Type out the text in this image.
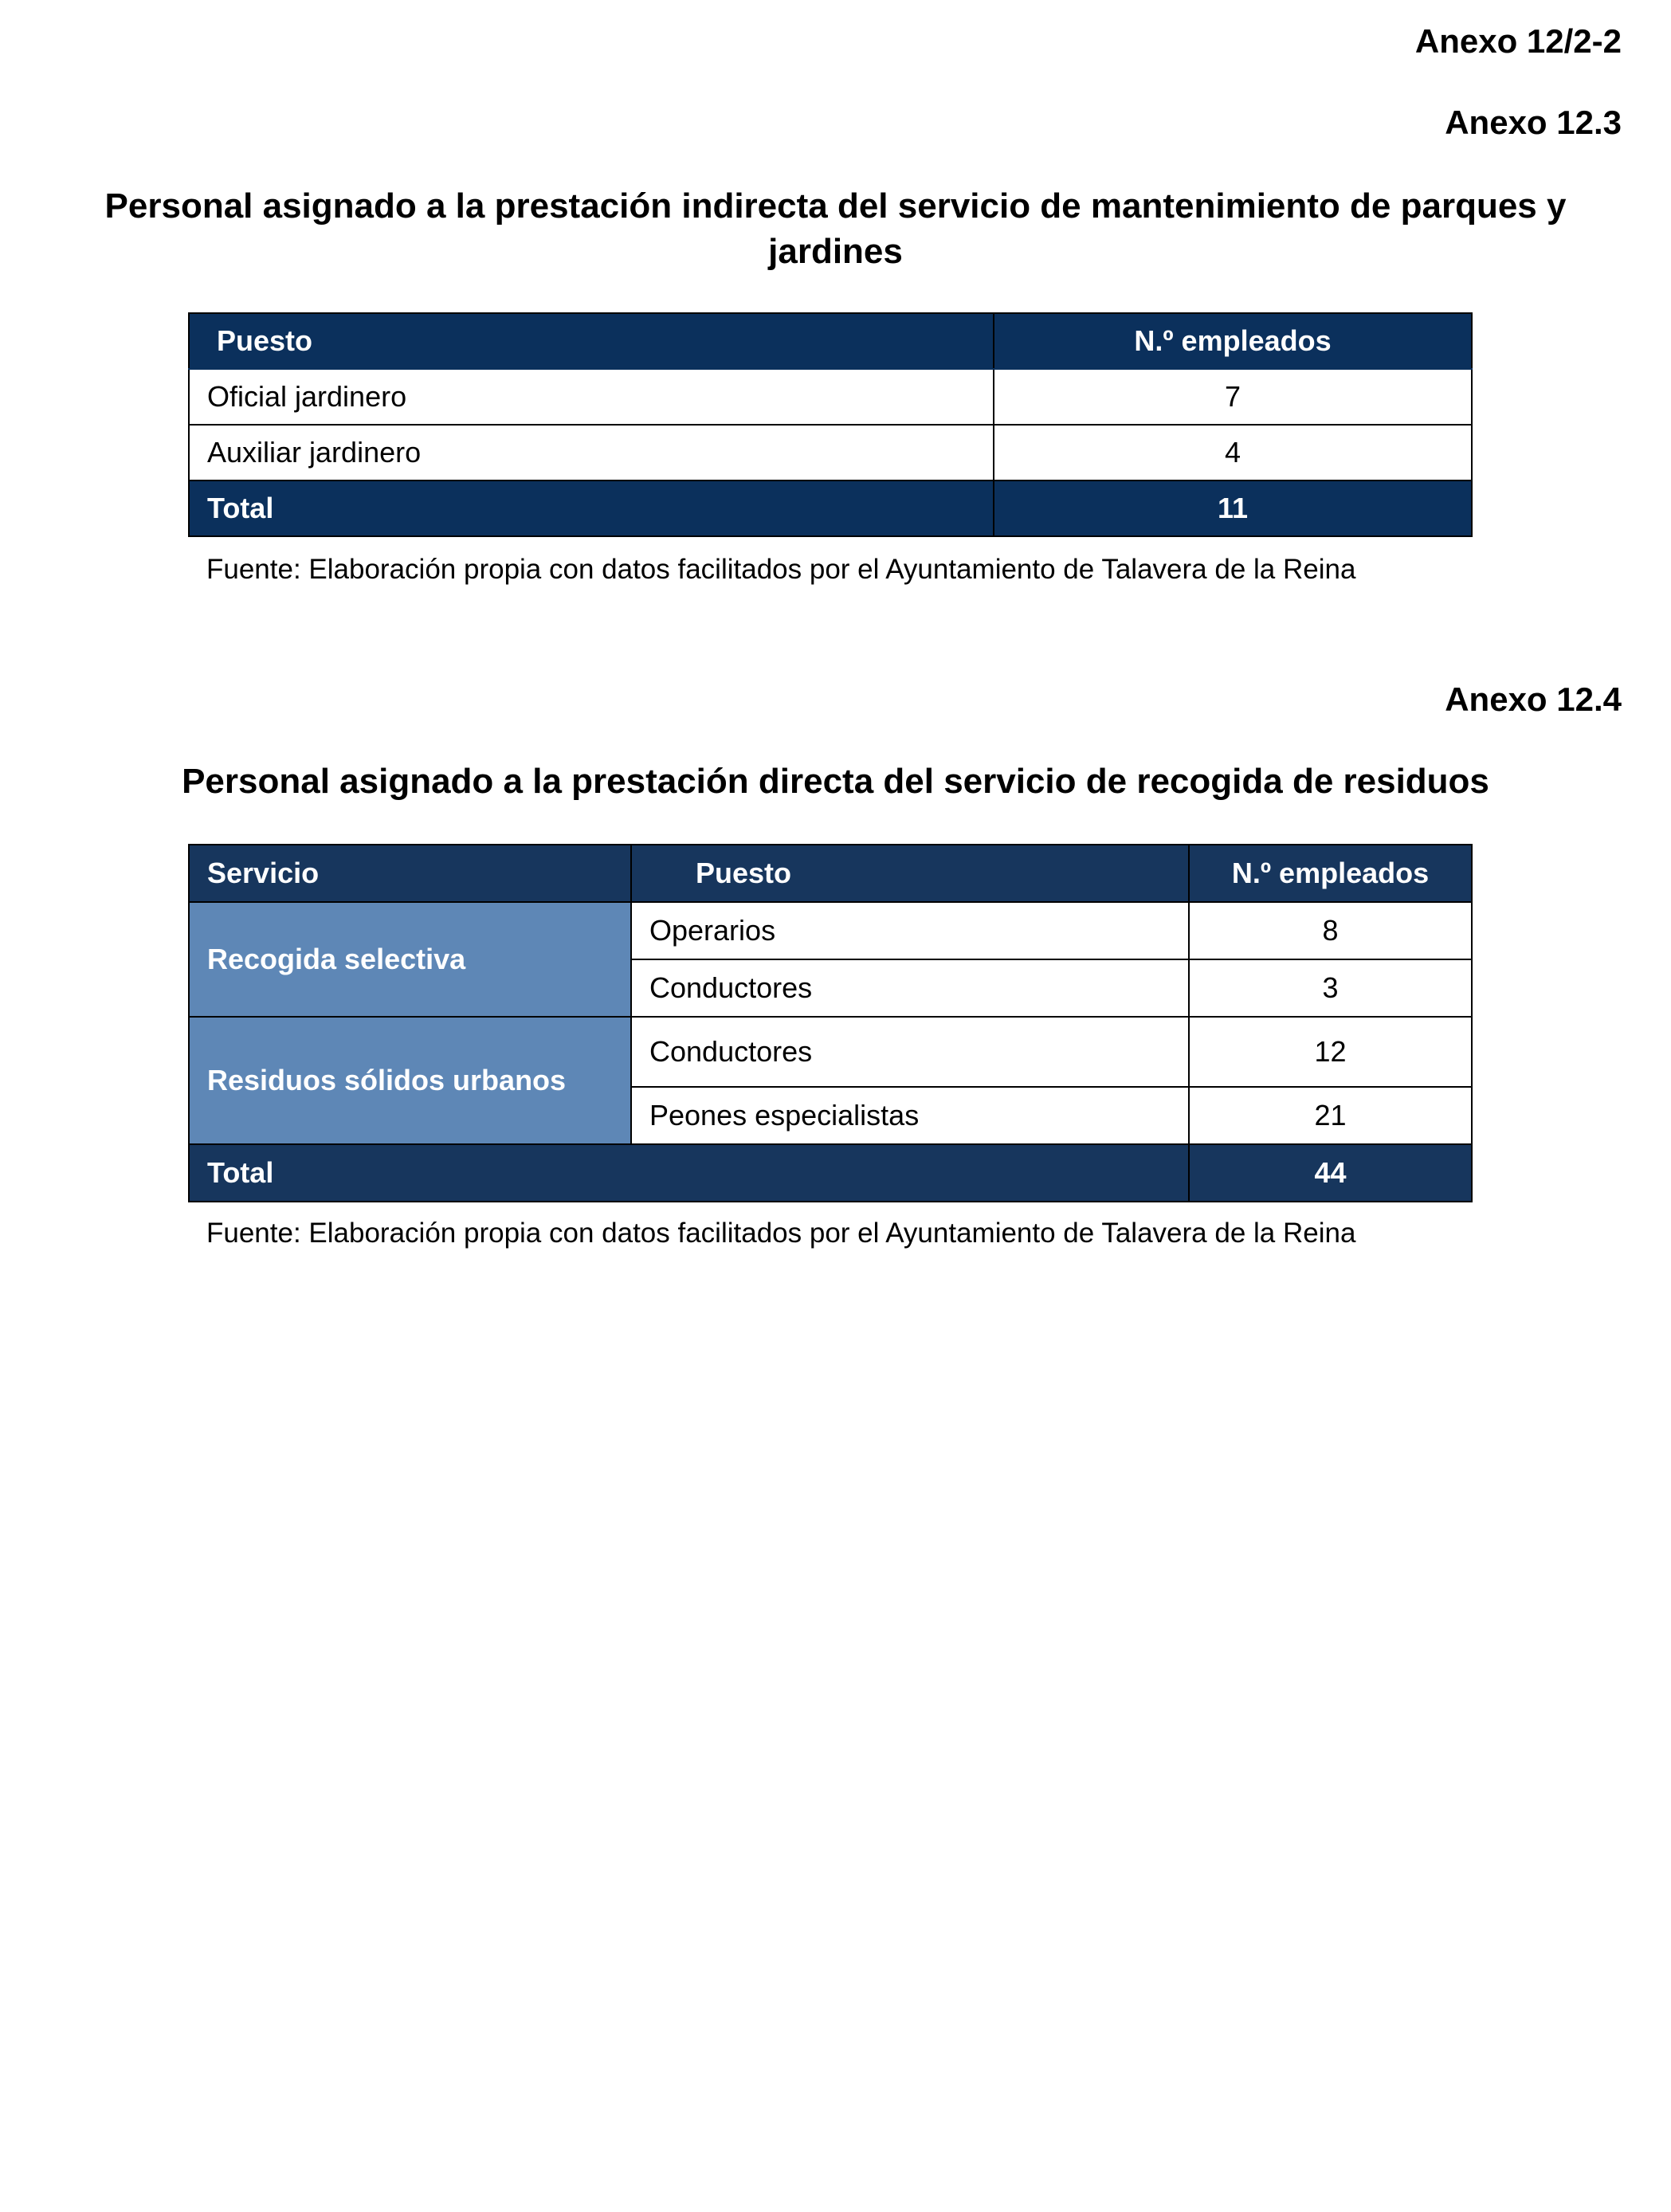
Anexo 12/2-2

Anexo 12.3

Personal asignado a la prestación indirecta del servicio de mantenimiento de parques y jardines
Puesto	N.º empleados
Oficial jardinero	7
Auxiliar jardinero	4
Total	11

Fuente: Elaboración propia con datos facilitados por el Ayuntamiento de Talavera de la Reina

Anexo 12.4

Personal asignado a la prestación directa del servicio de recogida de residuos
Servicio	Puesto	N.º empleados
Recogida selectiva	Operarios	8
	Conductores	3
Residuos sólidos urbanos	Conductores	12
	Peones especialistas	21
Total		44

Fuente: Elaboración propia con datos facilitados por el Ayuntamiento de Talavera de la Reina
